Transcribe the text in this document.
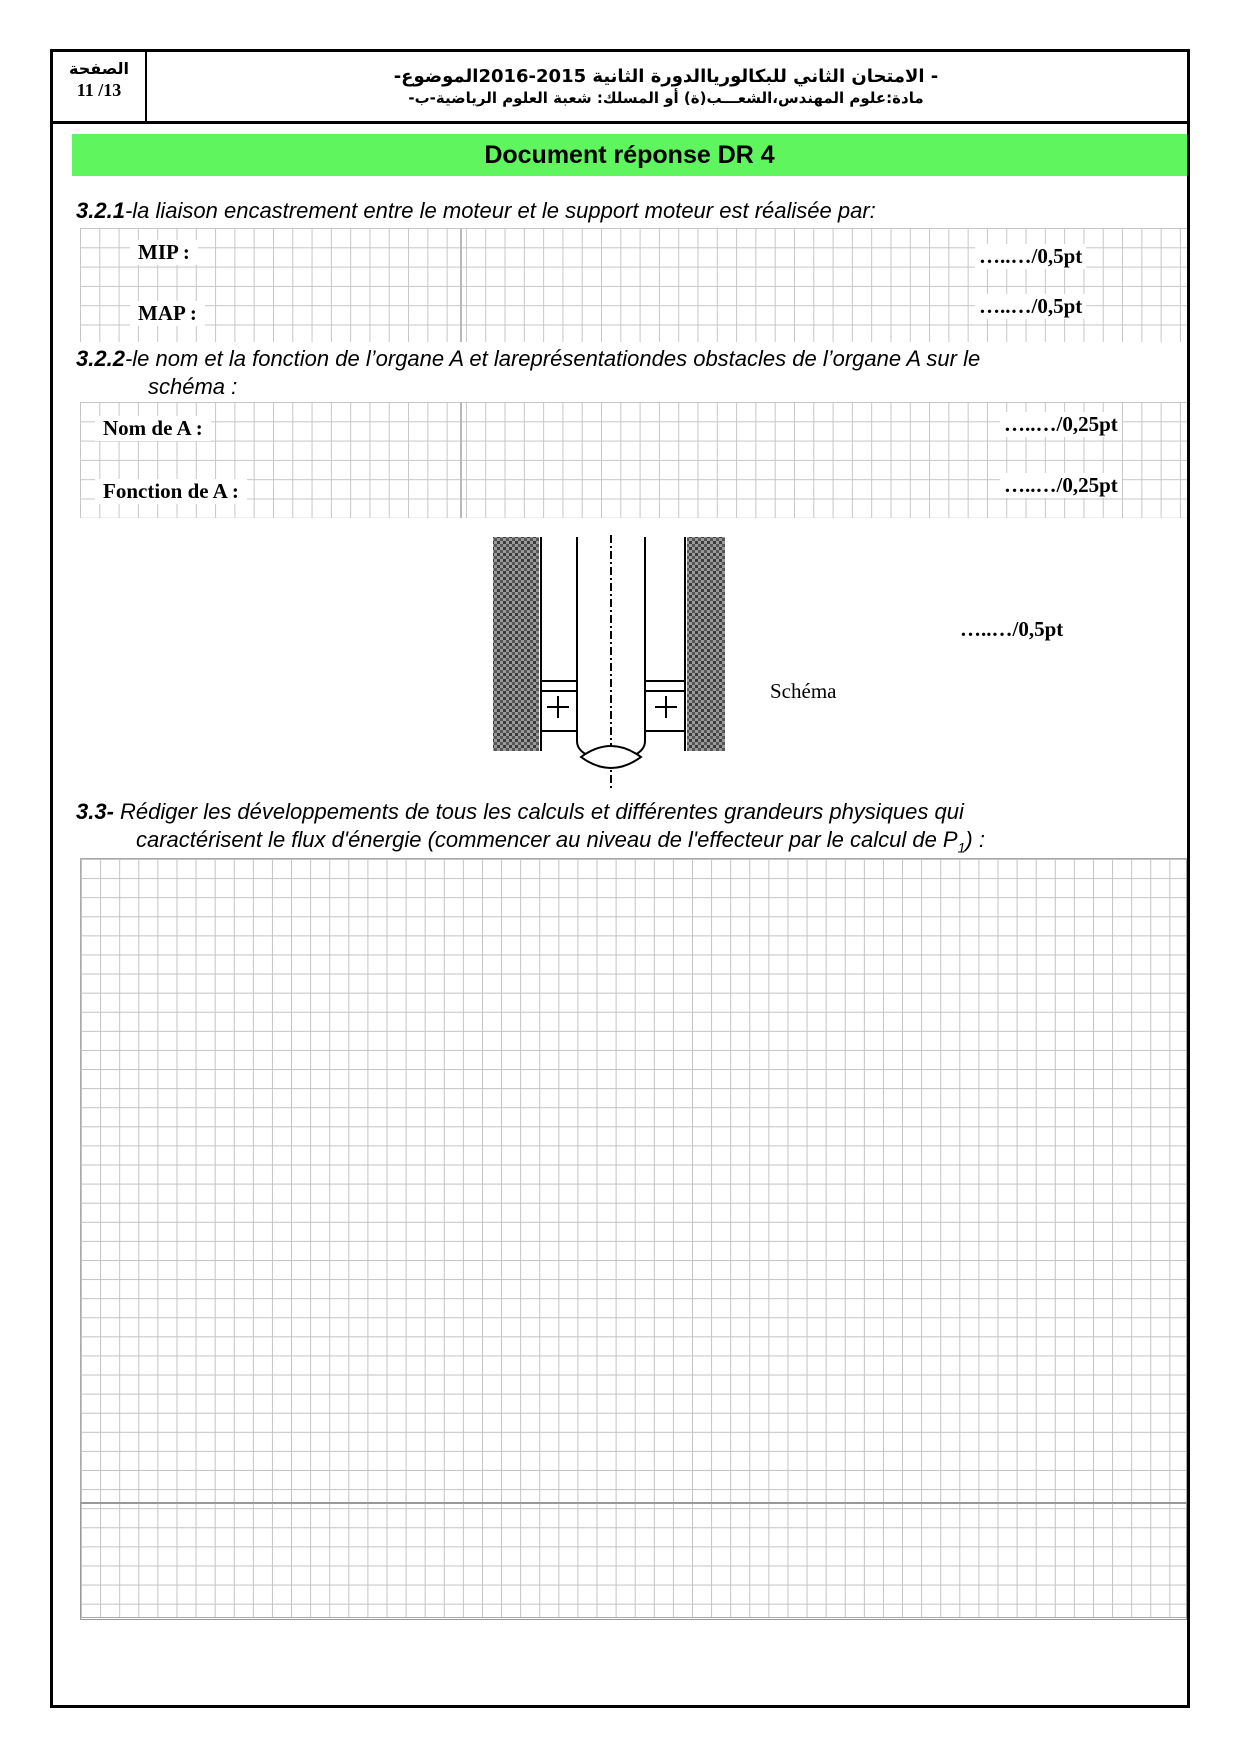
الصفحة
11 /13
- الامتحان الثاني للبكالورياالدورة الثانية 2015-2016الموضوع-
مادة:علوم المهندس،الشعـــب(ة) أو المسلك: شعبة العلوم الرياضية-ب-
Document réponse DR 4
3.2.1-la liaison encastrement entre le moteur et le support moteur est réalisée par:
MIP :	…..…/0,5pt
MAP :	…..…/0,5pt
3.2.2-le nom et la fonction de l’organe A et lareprésentationdes obstacles de l’organe A sur le
schéma :
Nom de A :	…..…/0,25pt
Fonction de A :	…..…/0,25pt
…..…/0,5pt
Schéma
3.3- Rédiger les développements de tous les calculs et différentes grandeurs physiques qui
caractérisent le flux d'énergie (commencer au niveau de l'effecteur par le calcul de $P_1$) :
